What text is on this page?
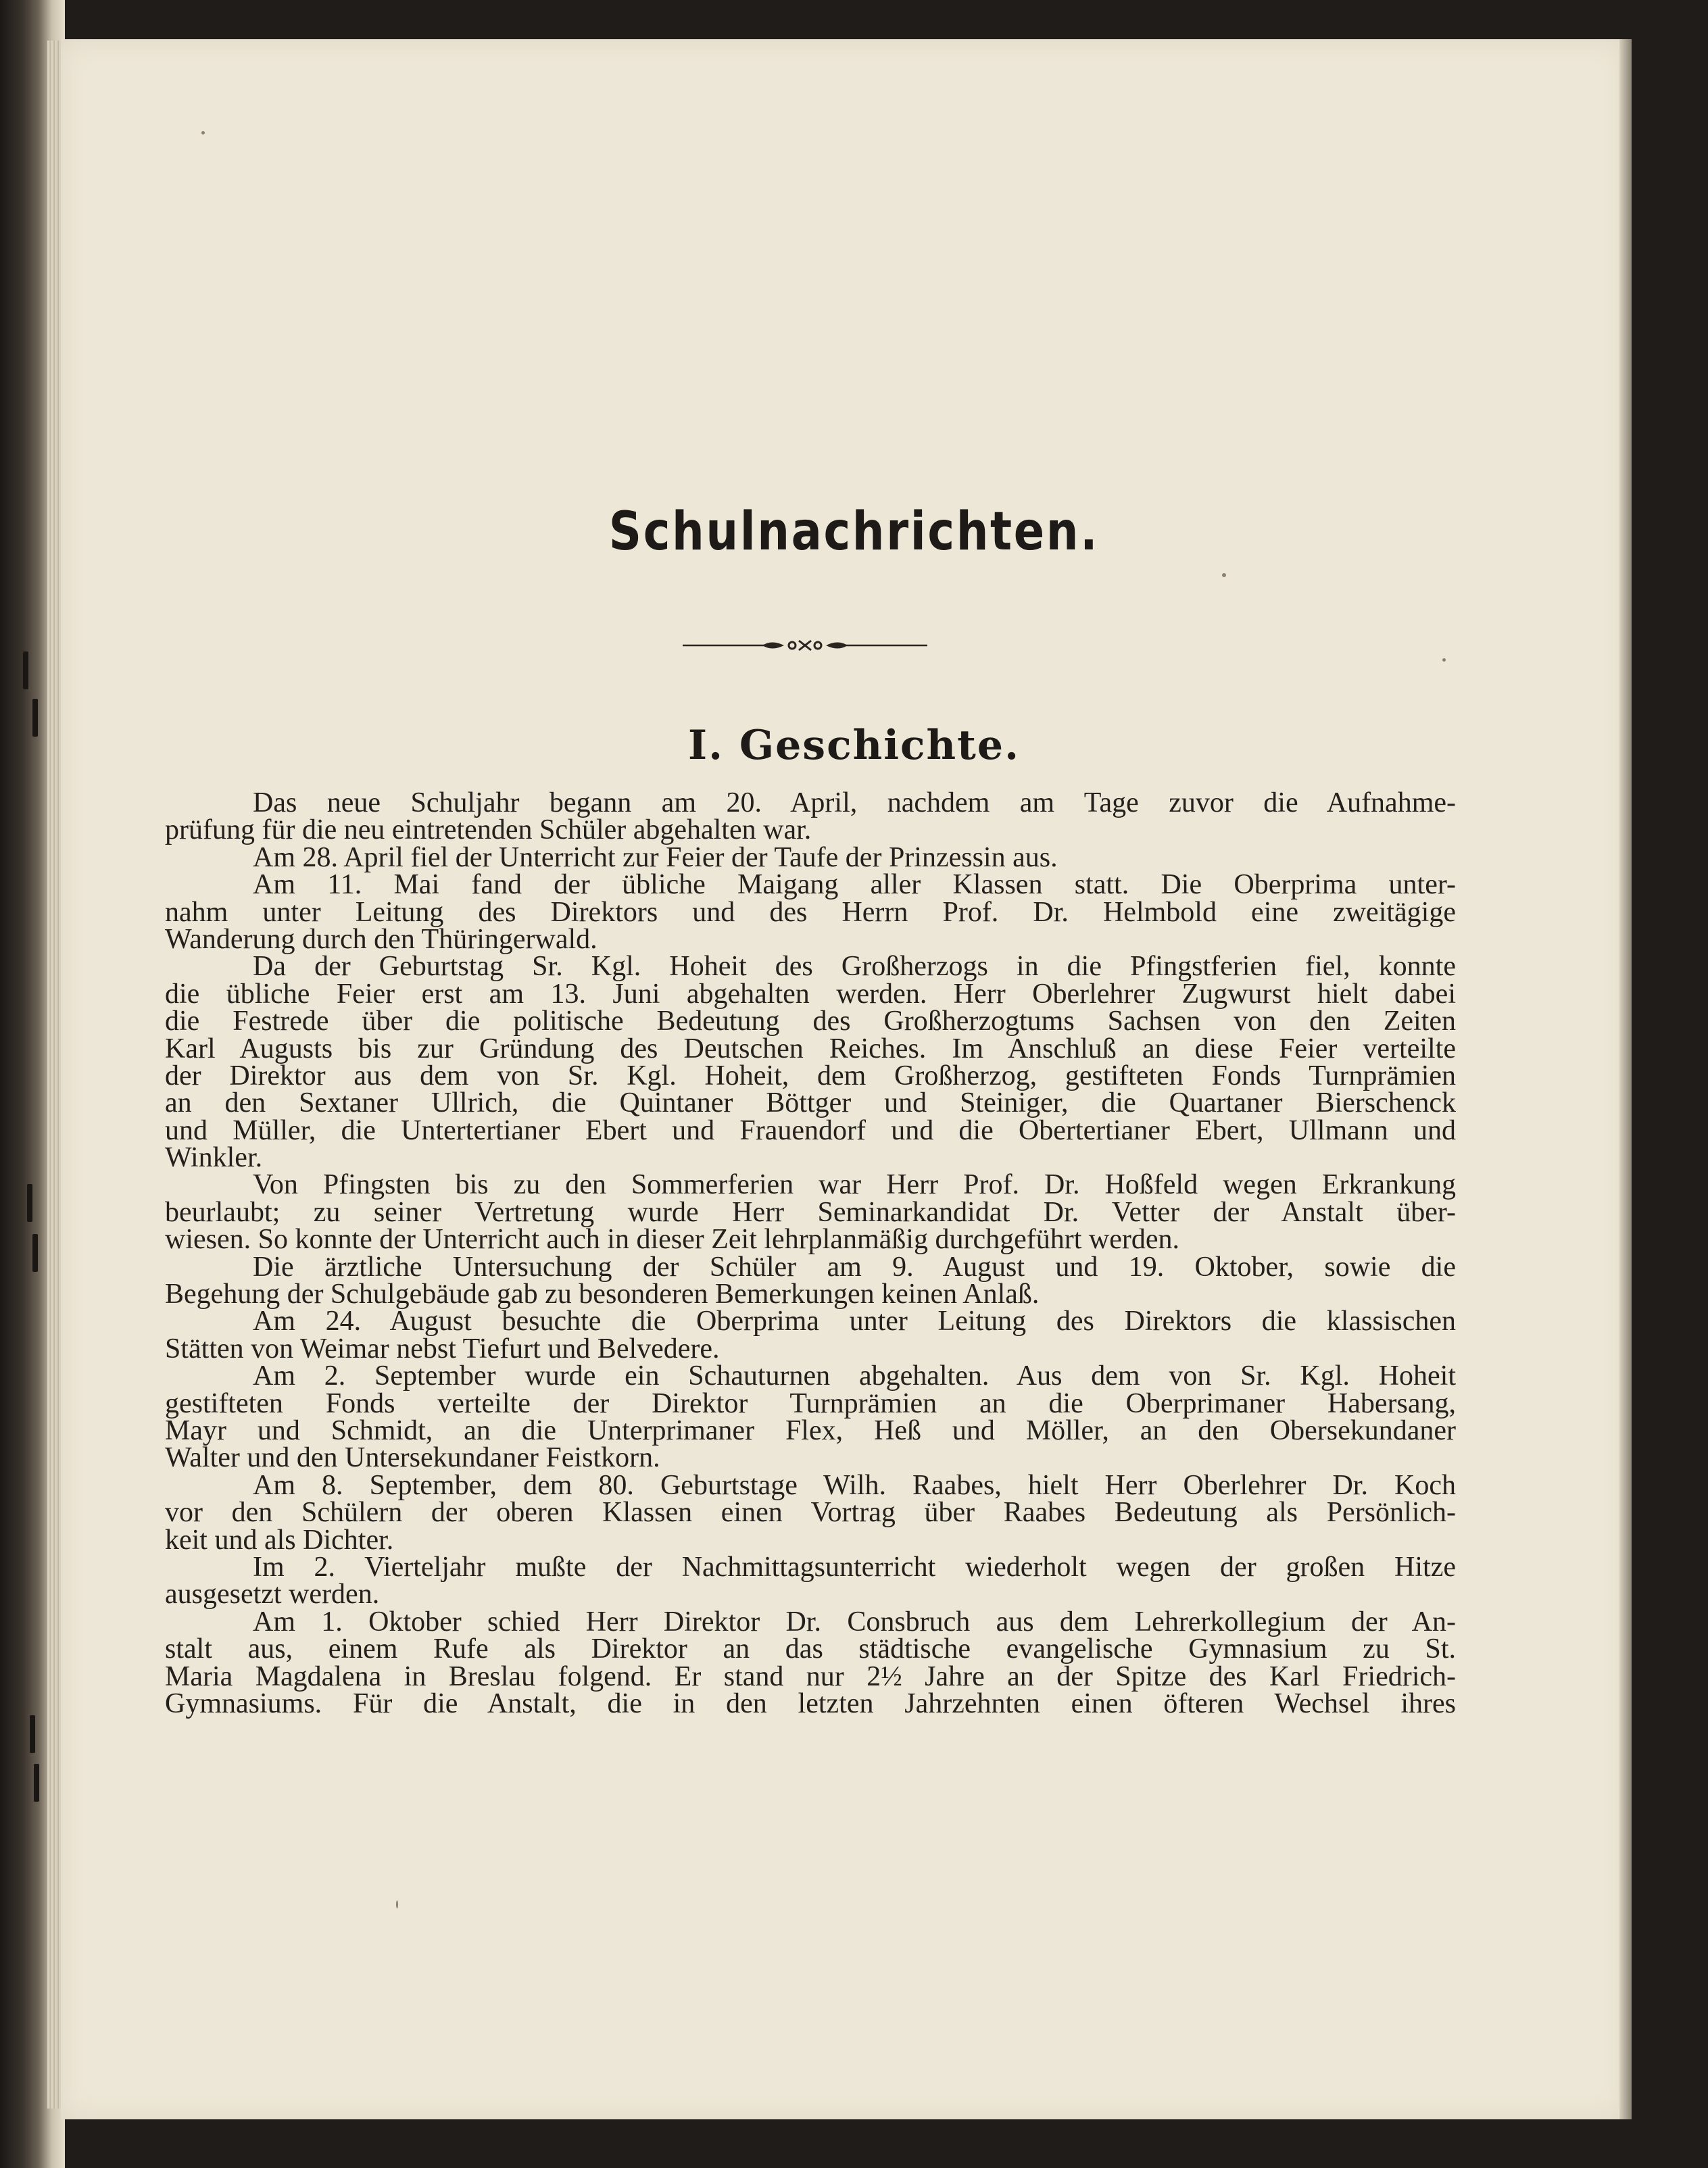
Schulnachrichten.
I. Geschichte.
Das neue Schuljahr begann am 20. April, nachdem am Tage zuvor die Aufnahme-
prüfung für die neu eintretenden Schüler abgehalten war.
Am 28. April fiel der Unterricht zur Feier der Taufe der Prinzessin aus.
Am 11. Mai fand der übliche Maigang aller Klassen statt. Die Oberprima unter-
nahm unter Leitung des Direktors und des Herrn Prof. Dr. Helmbold eine zweitägige
Wanderung durch den Thüringerwald.
Da der Geburtstag Sr. Kgl. Hoheit des Großherzogs in die Pfingstferien fiel, konnte
die übliche Feier erst am 13. Juni abgehalten werden. Herr Oberlehrer Zugwurst hielt dabei
die Festrede über die politische Bedeutung des Großherzogtums Sachsen von den Zeiten
Karl Augusts bis zur Gründung des Deutschen Reiches. Im Anschluß an diese Feier verteilte
der Direktor aus dem von Sr. Kgl. Hoheit, dem Großherzog, gestifteten Fonds Turnprämien
an den Sextaner Ullrich, die Quintaner Böttger und Steiniger, die Quartaner Bierschenck
und Müller, die Untertertianer Ebert und Frauendorf und die Obertertianer Ebert, Ullmann und
Winkler.
Von Pfingsten bis zu den Sommerferien war Herr Prof. Dr. Hoßfeld wegen Erkrankung
beurlaubt; zu seiner Vertretung wurde Herr Seminarkandidat Dr. Vetter der Anstalt über-
wiesen. So konnte der Unterricht auch in dieser Zeit lehrplanmäßig durchgeführt werden.
Die ärztliche Untersuchung der Schüler am 9. August und 19. Oktober, sowie die
Begehung der Schulgebäude gab zu besonderen Bemerkungen keinen Anlaß.
Am 24. August besuchte die Oberprima unter Leitung des Direktors die klassischen
Stätten von Weimar nebst Tiefurt und Belvedere.
Am 2. September wurde ein Schauturnen abgehalten. Aus dem von Sr. Kgl. Hoheit
gestifteten Fonds verteilte der Direktor Turnprämien an die Oberprimaner Habersang,
Mayr und Schmidt, an die Unterprimaner Flex, Heß und Möller, an den Obersekundaner
Walter und den Untersekundaner Feistkorn.
Am 8. September, dem 80. Geburtstage Wilh. Raabes, hielt Herr Oberlehrer Dr. Koch
vor den Schülern der oberen Klassen einen Vortrag über Raabes Bedeutung als Persönlich-
keit und als Dichter.
Im 2. Vierteljahr mußte der Nachmittagsunterricht wiederholt wegen der großen Hitze
ausgesetzt werden.
Am 1. Oktober schied Herr Direktor Dr. Consbruch aus dem Lehrerkollegium der An-
stalt aus, einem Rufe als Direktor an das städtische evangelische Gymnasium zu St.
Maria Magdalena in Breslau folgend. Er stand nur 2½ Jahre an der Spitze des Karl Friedrich-
Gymnasiums. Für die Anstalt, die in den letzten Jahrzehnten einen öfteren Wechsel ihres
